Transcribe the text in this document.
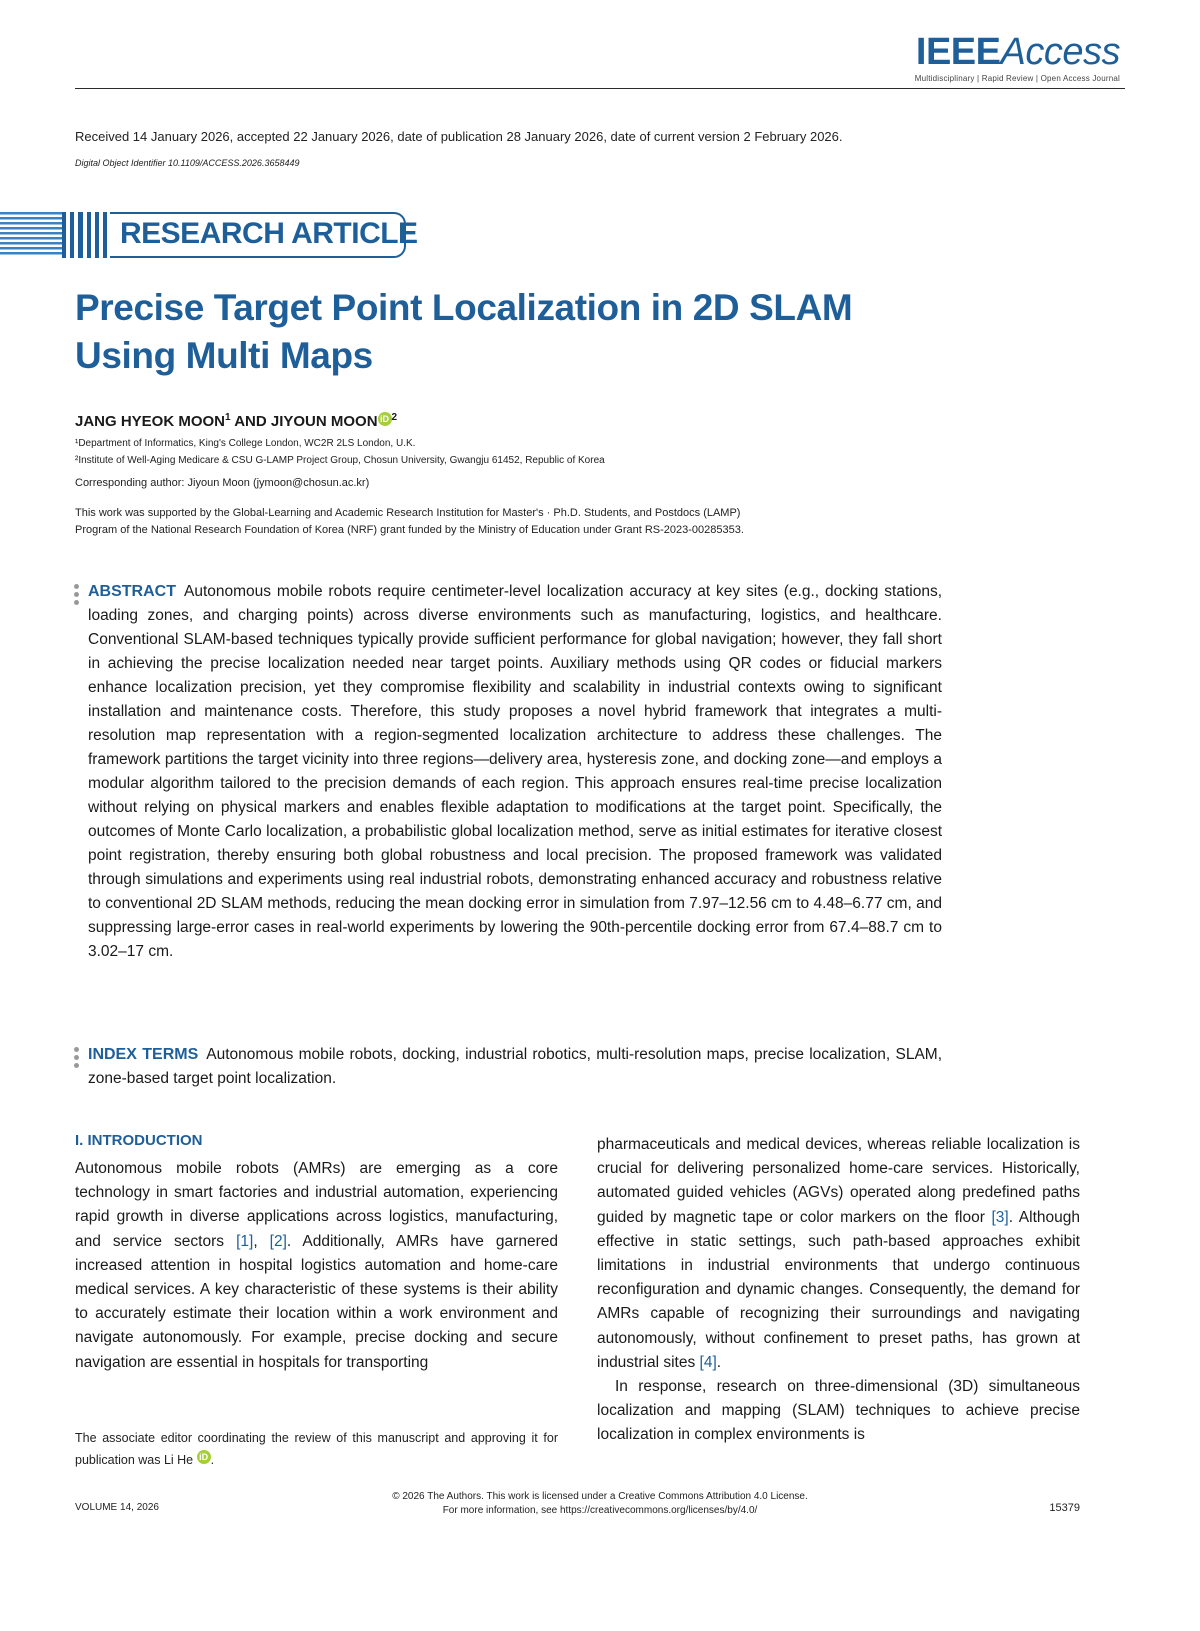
IEEEAccess
Multidisciplinary | Rapid Review | Open Access Journal
Received 14 January 2026, accepted 22 January 2026, date of publication 28 January 2026, date of current version 2 February 2026.
Digital Object Identifier 10.1109/ACCESS.2026.3658449
RESEARCH ARTICLE
Precise Target Point Localization in 2D SLAM
Using Multi Maps
JANG HYEOK MOON$^1$ AND JIYOUN MOON iD $^2$
¹Department of Informatics, King's College London, WC2R 2LS London, U.K.
²Institute of Well-Aging Medicare & CSU G-LAMP Project Group, Chosun University, Gwangju 61452, Republic of Korea
Corresponding author: Jiyoun Moon (jymoon@chosun.ac.kr)
This work was supported by the Global-Learning and Academic Research Institution for Master's · Ph.D. Students, and Postdocs (LAMP)
Program of the National Research Foundation of Korea (NRF) grant funded by the Ministry of Education under Grant RS-2023-00285353.
ABSTRACT Autonomous mobile robots require centimeter-level localization accuracy at key sites (e.g., docking stations, loading zones, and charging points) across diverse environments such as manufacturing, logistics, and healthcare. Conventional SLAM-based techniques typically provide sufficient performance for global navigation; however, they fall short in achieving the precise localization needed near target points. Auxiliary methods using QR codes or fiducial markers enhance localization precision, yet they compromise flexibility and scalability in industrial contexts owing to significant installation and maintenance costs. Therefore, this study proposes a novel hybrid framework that integrates a multi-resolution map representation with a region-segmented localization architecture to address these challenges. The framework partitions the target vicinity into three regions—delivery area, hysteresis zone, and docking zone—and employs a modular algorithm tailored to the precision demands of each region. This approach ensures real-time precise localization without relying on physical markers and enables flexible adaptation to modifications at the target point. Specifically, the outcomes of Monte Carlo localization, a probabilistic global localization method, serve as initial estimates for iterative closest point registration, thereby ensuring both global robustness and local precision. The proposed framework was validated through simulations and experiments using real industrial robots, demonstrating enhanced accuracy and robustness relative to conventional 2D SLAM methods, reducing the mean docking error in simulation from 7.97–12.56 cm to 4.48–6.77 cm, and suppressing large-error cases in real-world experiments by lowering the 90th-percentile docking error from 67.4–88.7 cm to 3.02–17 cm.
INDEX TERMS Autonomous mobile robots, docking, industrial robotics, multi-resolution maps, precise localization, SLAM, zone-based target point localization.
I. INTRODUCTION
Autonomous mobile robots (AMRs) are emerging as a core technology in smart factories and industrial automation, experiencing rapid growth in diverse applications across logistics, manufacturing, and service sectors [1], [2]. Additionally, AMRs have garnered increased attention in hospital logistics automation and home-care medical services. A key characteristic of these systems is their ability to accurately estimate their location within a work environment and navigate autonomously. For example, precise docking and secure navigation are essential in hospitals for transporting

pharmaceuticals and medical devices, whereas reliable localization is crucial for delivering personalized home-care services. Historically, automated guided vehicles (AGVs) operated along predefined paths guided by magnetic tape or color markers on the floor [3]. Although effective in static settings, such path-based approaches exhibit limitations in industrial environments that undergo continuous reconfiguration and dynamic changes. Consequently, the demand for AMRs capable of recognizing their surroundings and navigating autonomously, without confinement to preset paths, has grown at industrial sites [4].

In response, research on three-dimensional (3D) simultaneous localization and mapping (SLAM) techniques to achieve precise localization in complex environments is

The associate editor coordinating the review of this manuscript and approving it for publication was Li He iD .
© 2026 The Authors. This work is licensed under a Creative Commons Attribution 4.0 License.
For more information, see https://creativecommons.org/licenses/by/4.0/
VOLUME 14, 2026	15379
